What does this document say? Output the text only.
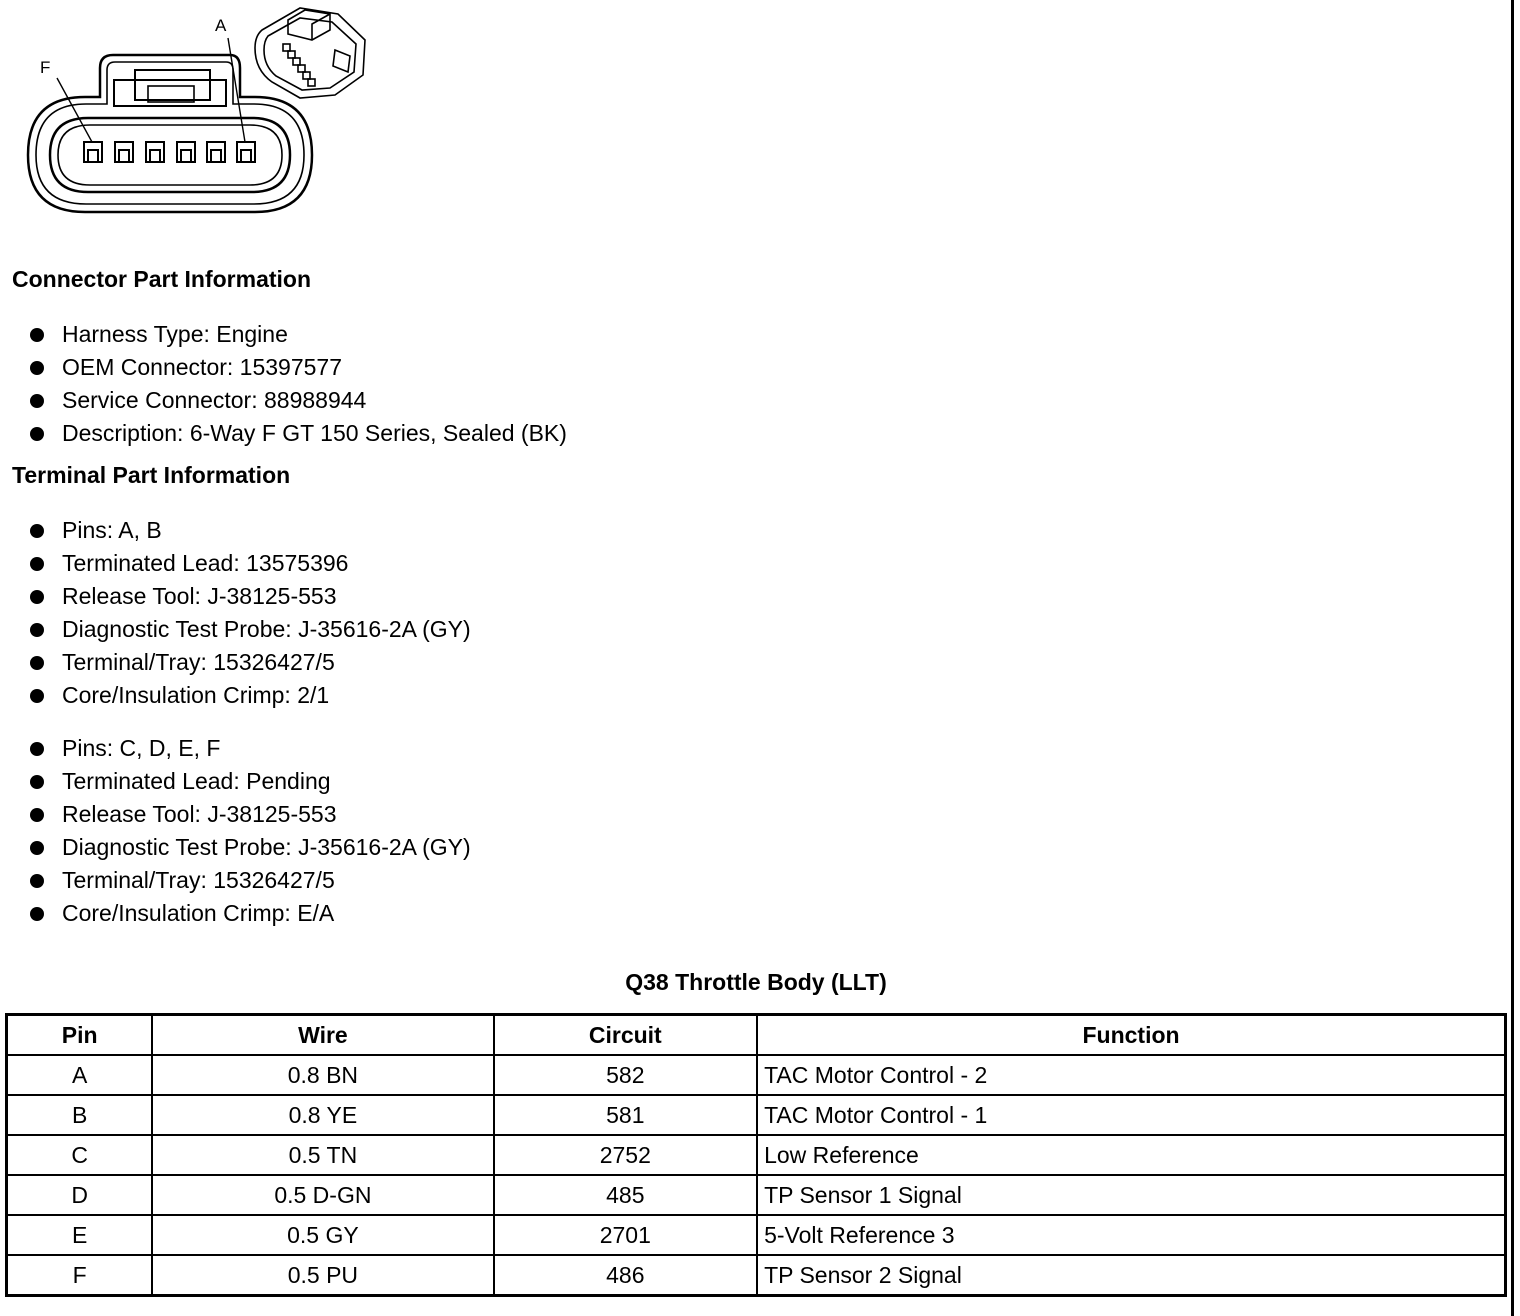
F
A
Connector Part Information
Harness Type: Engine
OEM Connector: 15397577
Service Connector: 88988944
Description: 6-Way F GT 150 Series, Sealed (BK)
Terminal Part Information
Pins: A, B
Terminated Lead: 13575396
Release Tool: J-38125-553
Diagnostic Test Probe: J-35616-2A (GY)
Terminal/Tray: 15326427/5
Core/Insulation Crimp: 2/1
Pins: C, D, E, F
Terminated Lead: Pending
Release Tool: J-38125-553
Diagnostic Test Probe: J-35616-2A (GY)
Terminal/Tray: 15326427/5
Core/Insulation Crimp: E/A
Q38 Throttle Body (LLT)
Pin	Wire	Circuit	Function
A	0.8 BN	582	TAC Motor Control - 2
B	0.8 YE	581	TAC Motor Control - 1
C	0.5 TN	2752	Low Reference
D	0.5 D-GN	485	TP Sensor 1 Signal
E	0.5 GY	2701	5-Volt Reference 3
F	0.5 PU	486	TP Sensor 2 Signal
